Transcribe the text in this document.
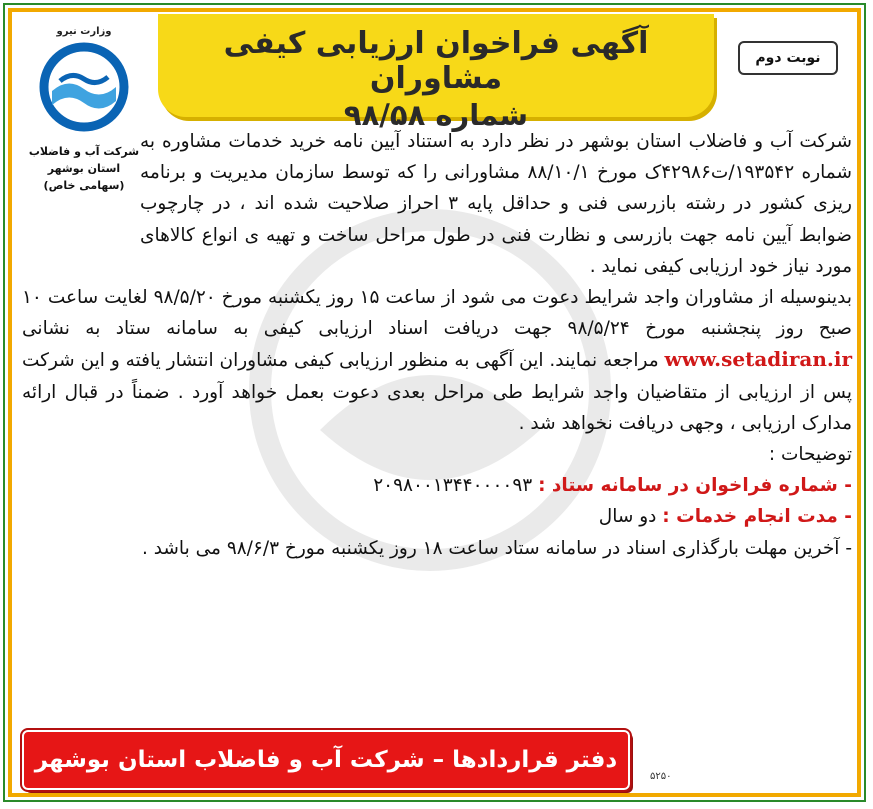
آگهی فراخوان ارزیابی کیفی مشاوران
شماره ۹۸/۵۸
نوبت دوم
وزارت نیرو
شرکت آب و فاضلاب
استان بوشهر
(سهامی خاص)

شرکت آب و فاضلاب استان بوشهر در نظر دارد به استناد آیین نامه خرید خدمات مشاوره به شماره ۱۹۳۵۴۲/ت۴۲۹۸۶ک مورخ ۸۸/۱۰/۱ مشاورانی را که توسط سازمان مدیریت و برنامه ریزی کشور در رشته بازرسی فنی و حداقل پایه ۳ احراز صلاحیت شده اند ، در چارچوب ضوابط آیین نامه جهت بازرسی و نظارت فنی در طول مراحل ساخت و تهیه ی انواع کالاهای مورد نیاز خود ارزیابی کیفی نماید .

بدینوسیله از مشاوران واجد شرایط دعوت می شود از ساعت ۱۵ روز یکشنبه مورخ ۹۸/۵/۲۰ لغایت ساعت ۱۰ صبح روز پنجشنبه مورخ ۹۸/۵/۲۴ جهت دریافت اسناد ارزیابی کیفی به سامانه ستاد به نشانی www.setadiran.ir مراجعه نمایند. این آگهی به منظور ارزیابی کیفی مشاوران انتشار یافته و این شرکت پس از ارزیابی از متقاضیان واجد شرایط طی مراحل بعدی دعوت بعمل خواهد آورد . ضمناً در قبال ارائه مدارک ارزیابی ، وجهی دریافت نخواهد شد .

توضیحات :

- شماره فراخوان در سامانه ستاد : ۲۰۹۸۰۰۱۳۴۴۰۰۰۰۹۳

- مدت انجام خدمات : دو سال

- آخرین مهلت بارگذاری اسناد در سامانه ستاد ساعت ۱۸ روز یکشنبه مورخ ۹۸/۶/۳ می باشد .

دفتر قراردادها – شرکت آب و فاضلاب استان بوشهر
۵۲۵۰
